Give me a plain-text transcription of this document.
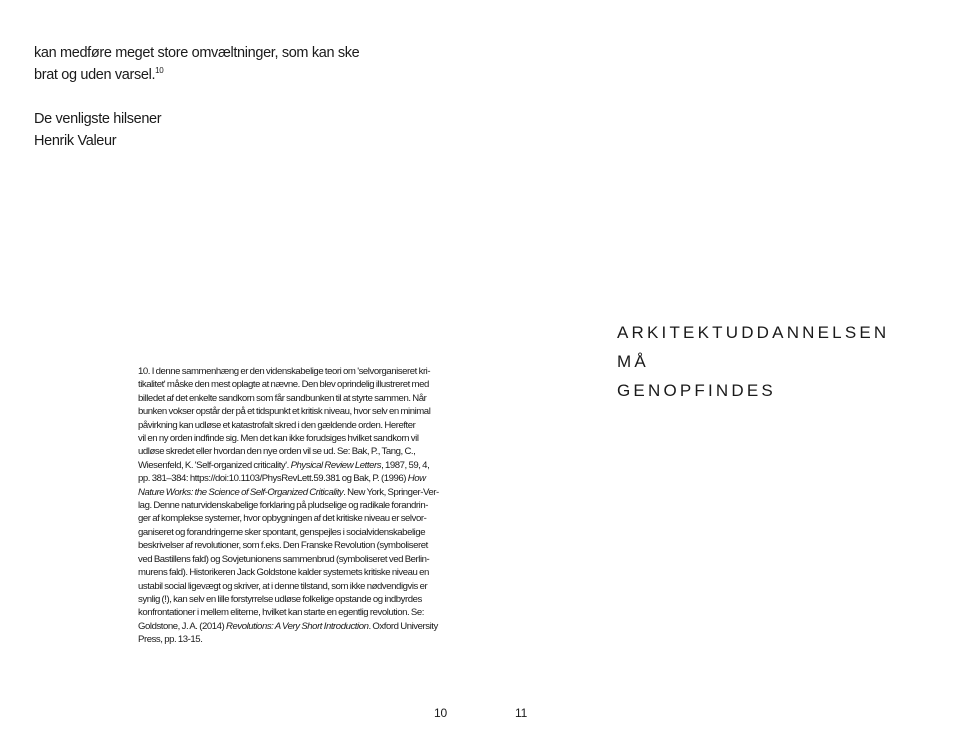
kan medføre meget store omvæltninger, som kan ske

brat og uden varsel.$^{10}$

De venligste hilsener

Henrik Valeur

10. I denne sammenhæng er den videnskabelige teori om 'selvorganiseret kri-
tikalitet' måske den mest oplagte at nævne. Den blev oprindelig illustreret med
billedet af det enkelte sandkorn som får sandbunken til at styrte sammen. Når
bunken vokser opstår der på et tidspunkt et kritisk niveau, hvor selv en minimal
påvirkning kan udløse et katastrofalt skred i den gældende orden. Herefter
vil en ny orden indfinde sig. Men det kan ikke forudsiges hvilket sandkorn vil
udløse skredet eller hvordan den nye orden vil se ud. Se: Bak, P., Tang, C.,
Wiesenfeld, K. 'Self-organized criticality'. Physical Review Letters, 1987, 59, 4,
pp. 381–384: https://doi:10.1103/PhysRevLett.59.381 og Bak, P. (1996) How
Nature Works: the Science of Self-Organized Criticality. New York, Springer-Ver-
lag. Denne naturvidenskabelige forklaring på pludselige og radikale forandrin-
ger af komplekse systemer, hvor opbygningen af det kritiske niveau er selvor-
ganiseret og forandringerne sker spontant, genspejles i socialvidenskabelige
beskrivelser af revolutioner, som f.eks. Den Franske Revolution (symboliseret
ved Bastillens fald) og Sovjetunionens sammenbrud (symboliseret ved Berlin-
murens fald). Historikeren Jack Goldstone kalder systemets kritiske niveau en
ustabil social ligevægt og skriver, at i denne tilstand, som ikke nødvendigvis er
synlig (!), kan selv en lille forstyrrelse udløse folkelige opstande og indbyrdes
konfrontationer i mellem eliterne, hvilket kan starte en egentlig revolution. Se:
Goldstone, J. A. (2014) Revolutions: A Very Short Introduction. Oxford University
Press, pp. 13-15.
10
ARKITEKTUDDANNELSEN
MÅ
GENOPFINDES
11
